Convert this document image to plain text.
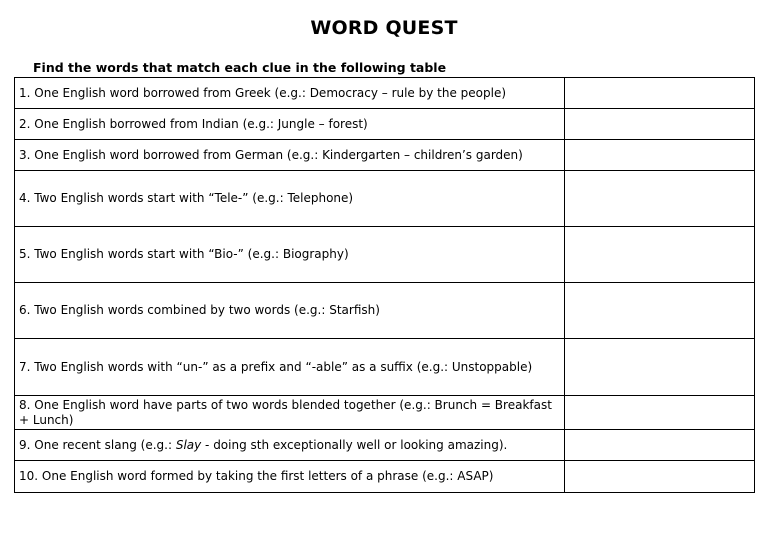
WORD QUEST
Find the words that match each clue in the following table
1. One English word borrowed from Greek (e.g.: Democracy – rule by the people)	
2. One English borrowed from Indian (e.g.: Jungle – forest)	
3. One English word borrowed from German (e.g.: Kindergarten – children’s garden)	
4. Two English words start with “Tele-” (e.g.: Telephone)	
5. Two English words start with “Bio-” (e.g.: Biography)	
6. Two English words combined by two words (e.g.: Starfish)	
7. Two English words with “un-” as a prefix and “-able” as a suffix (e.g.: Unstoppable)	
8. One English word have parts of two words blended together (e.g.: Brunch = Breakfast + Lunch)	
9. One recent slang (e.g.: Slay - doing sth exceptionally well or looking amazing).	
10. One English word formed by taking the first letters of a phrase (e.g.: ASAP)	
